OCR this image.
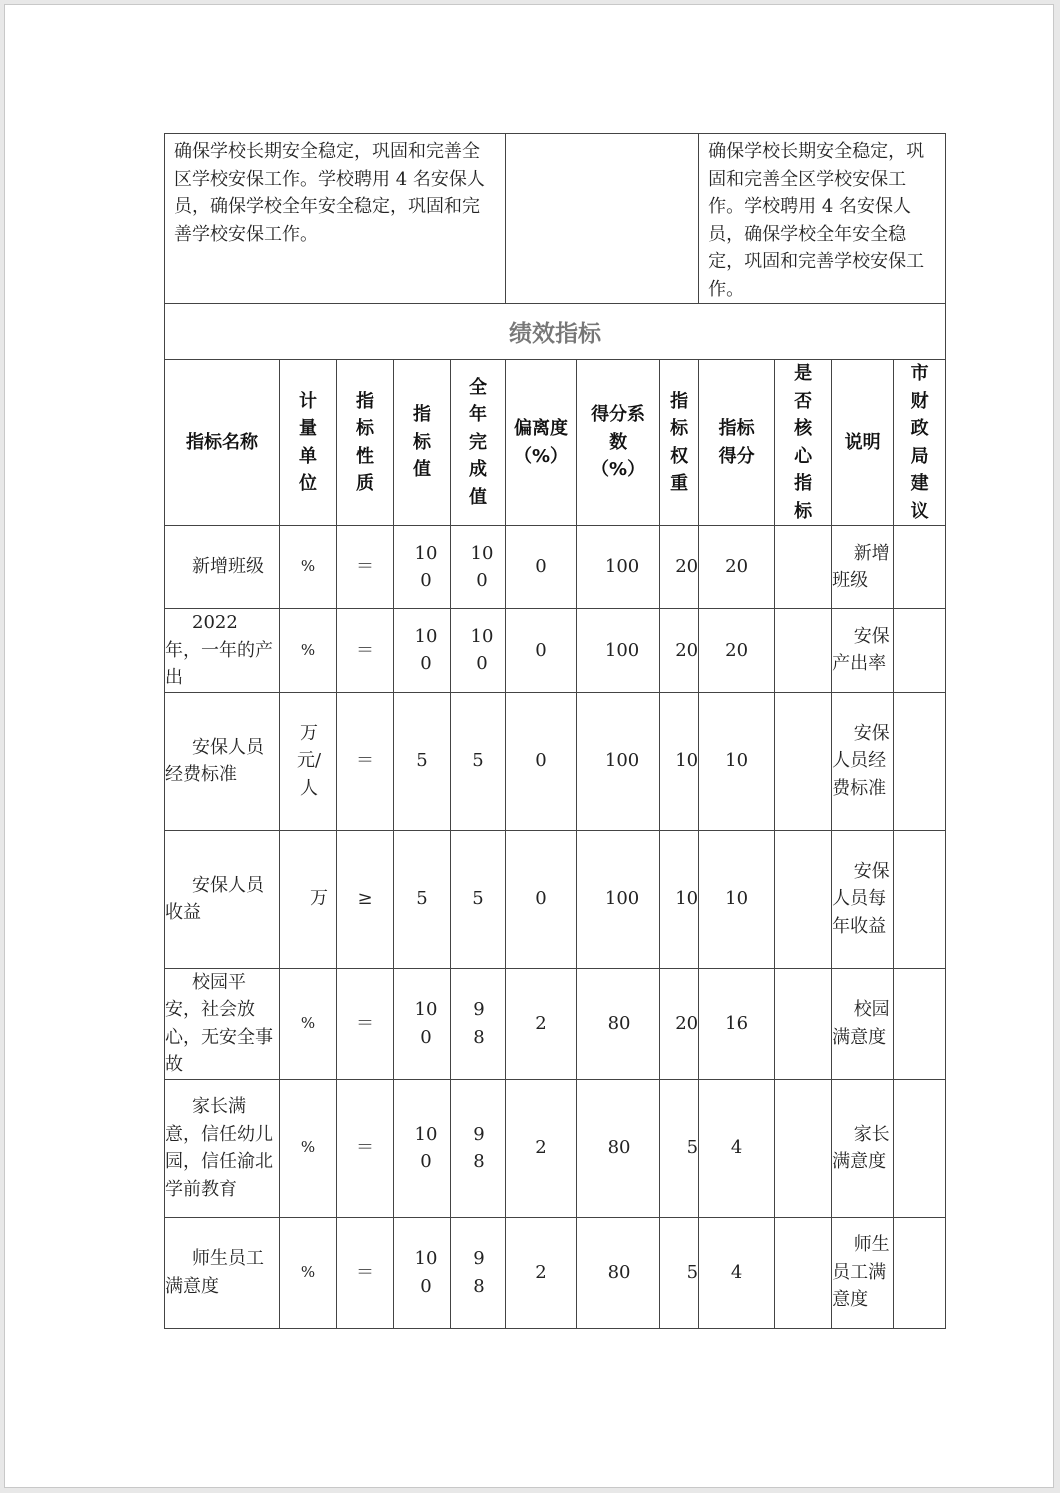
确保学校长期安全稳定，巩固和完善全区学校安保工作。学校聘用 4 名安保人员，确保学校全年安全稳定，巩固和完善学校安保工作。								确保学校长期安全稳定，巩固和完善全区学校安保工作。学校聘用 4 名安保人员，确保学校全年安全稳定，巩固和完善学校安保工作。			
绩效指标											
指标名称	计量单位	指标性质	指标值	全年完成值	偏离度（%）	得分系数（%）	指标权重	指标得分	是否核心指标	说明	市财政局建议
新增班级	%	＝	100	100	0	100	20	20		新增班级	
2022 年，一年的产出	%	＝	100	100	0	100	20	20		安保产出率	
安保人员经费标准	万元/人	＝	5	5	0	100	10	10		安保人员经费标准	
安保人员收益	万	≥	5	5	0	100	10	10		安保人员每年收益	
校园平安，社会放心，无安全事故	%	＝	100	98	2	80	20	16		校园满意度	
家长满意，信任幼儿园，信任渝北学前教育	%	＝	100	98	2	80	5	4		家长满意度	
师生员工满意度	%	＝	100	98	2	80	5	4		师生员工满意度	
